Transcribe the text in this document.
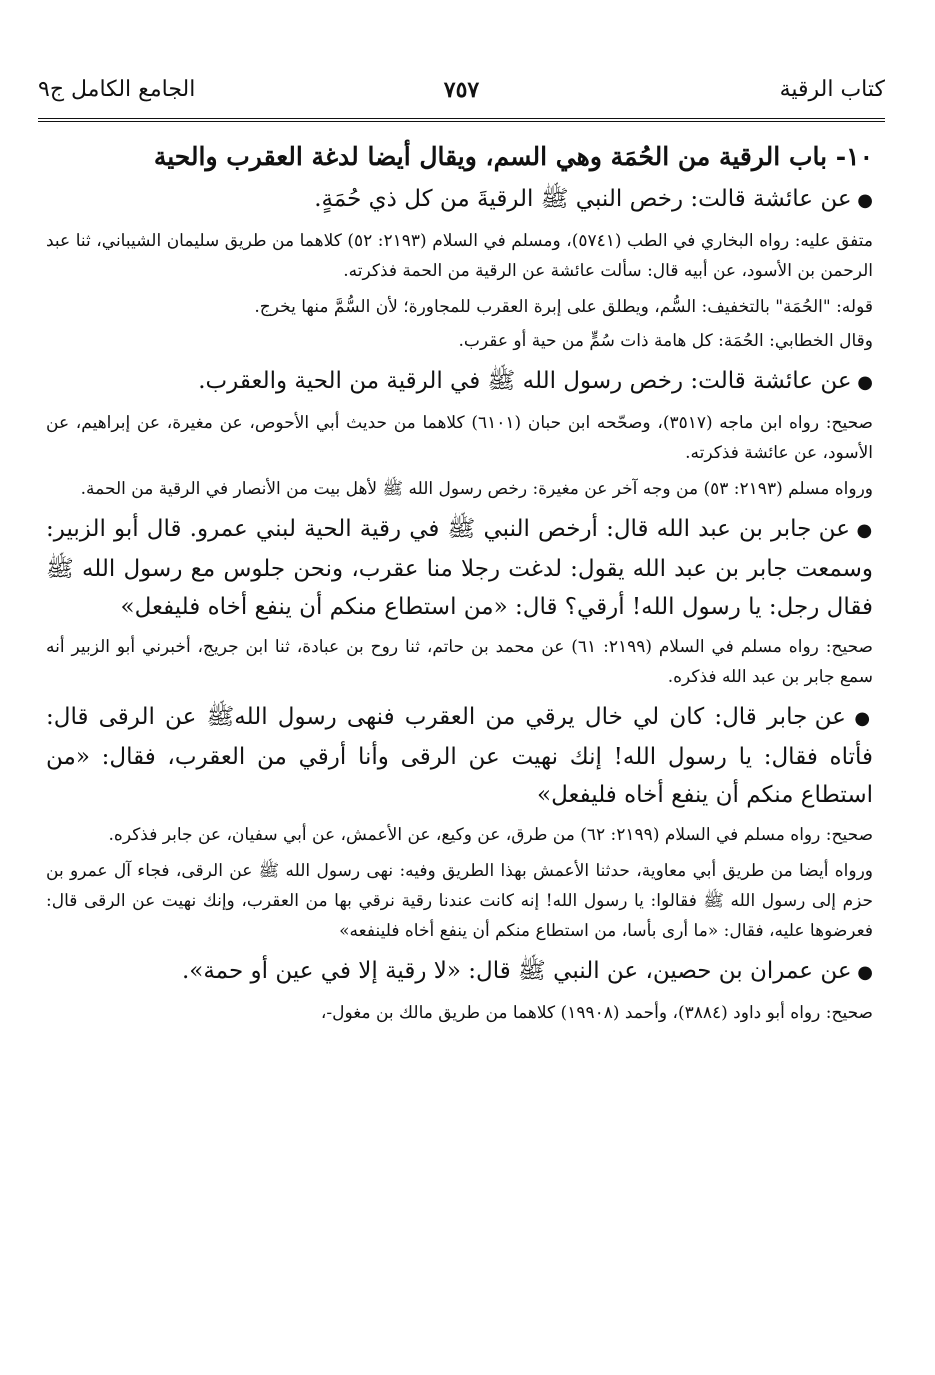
كتاب الرقية
٧٥٧
الجامع الكامل ج٩

١٠- باب الرقية من الحُمَة وهي السم، ويقال أيضا لدغة العقرب والحية

● عن عائشة قالت: رخص النبي ﷺ الرقيةَ من كل ذي حُمَةٍ.

متفق عليه: رواه البخاري في الطب (٥٧٤١)، ومسلم في السلام (٢١٩٣: ٥٢) كلاهما من طريق سليمان الشيباني، ثنا عبد الرحمن بن الأسود، عن أبيه قال: سألت عائشة عن الرقية من الحمة فذكرته.

قوله: "الحُمَة" بالتخفيف: السُّم، ويطلق على إبرة العقرب للمجاورة؛ لأن السُّمَّ منها يخرج.

وقال الخطابي: الحُمَة: كل هامة ذات سُمٍّ من حية أو عقرب.

● عن عائشة قالت: رخص رسول الله ﷺ في الرقية من الحية والعقرب.

صحيح: رواه ابن ماجه (٣٥١٧)، وصحّحه ابن حبان (٦١٠١) كلاهما من حديث أبي الأحوص، عن مغيرة، عن إبراهيم، عن الأسود، عن عائشة فذكرته.

ورواه مسلم (٢١٩٣: ٥٣) من وجه آخر عن مغيرة: رخص رسول الله ﷺ لأهل بيت من الأنصار في الرقية من الحمة.

● عن جابر بن عبد الله قال: أرخص النبي ﷺ في رقية الحية لبني عمرو. قال أبو الزبير: وسمعت جابر بن عبد الله يقول: لدغت رجلا منا عقرب، ونحن جلوس مع رسول الله ﷺ فقال رجل: يا رسول الله! أرقي؟ قال: «من استطاع منكم أن ينفع أخاه فليفعل»

صحيح: رواه مسلم في السلام (٢١٩٩: ٦١) عن محمد بن حاتم، ثنا روح بن عبادة، ثنا ابن جريج، أخبرني أبو الزبير أنه سمع جابر بن عبد الله فذكره.

● عن جابر قال: كان لي خال يرقي من العقرب فنهى رسول اللهﷺ عن الرقى قال: فأتاه فقال: يا رسول الله! إنك نهيت عن الرقى وأنا أرقي من العقرب، فقال: «من استطاع منكم أن ينفع أخاه فليفعل»

صحيح: رواه مسلم في السلام (٢١٩٩: ٦٢) من طرق، عن وكيع، عن الأعمش، عن أبي سفيان، عن جابر فذكره.

ورواه أيضا من طريق أبي معاوية، حدثنا الأعمش بهذا الطريق وفيه: نهى رسول الله ﷺ عن الرقى، فجاء آل عمرو بن حزم إلى رسول الله ﷺ فقالوا: يا رسول الله! إنه كانت عندنا رقية نرقي بها من العقرب، وإنك نهيت عن الرقى قال: فعرضوها عليه، فقال: «ما أرى بأسا، من استطاع منكم أن ينفع أخاه فلينفعه»

● عن عمران بن حصين، عن النبي ﷺ قال: «لا رقية إلا في عين أو حمة».

صحيح: رواه أبو داود (٣٨٨٤)، وأحمد (١٩٩٠٨) كلاهما من طريق مالك بن مغول-،
